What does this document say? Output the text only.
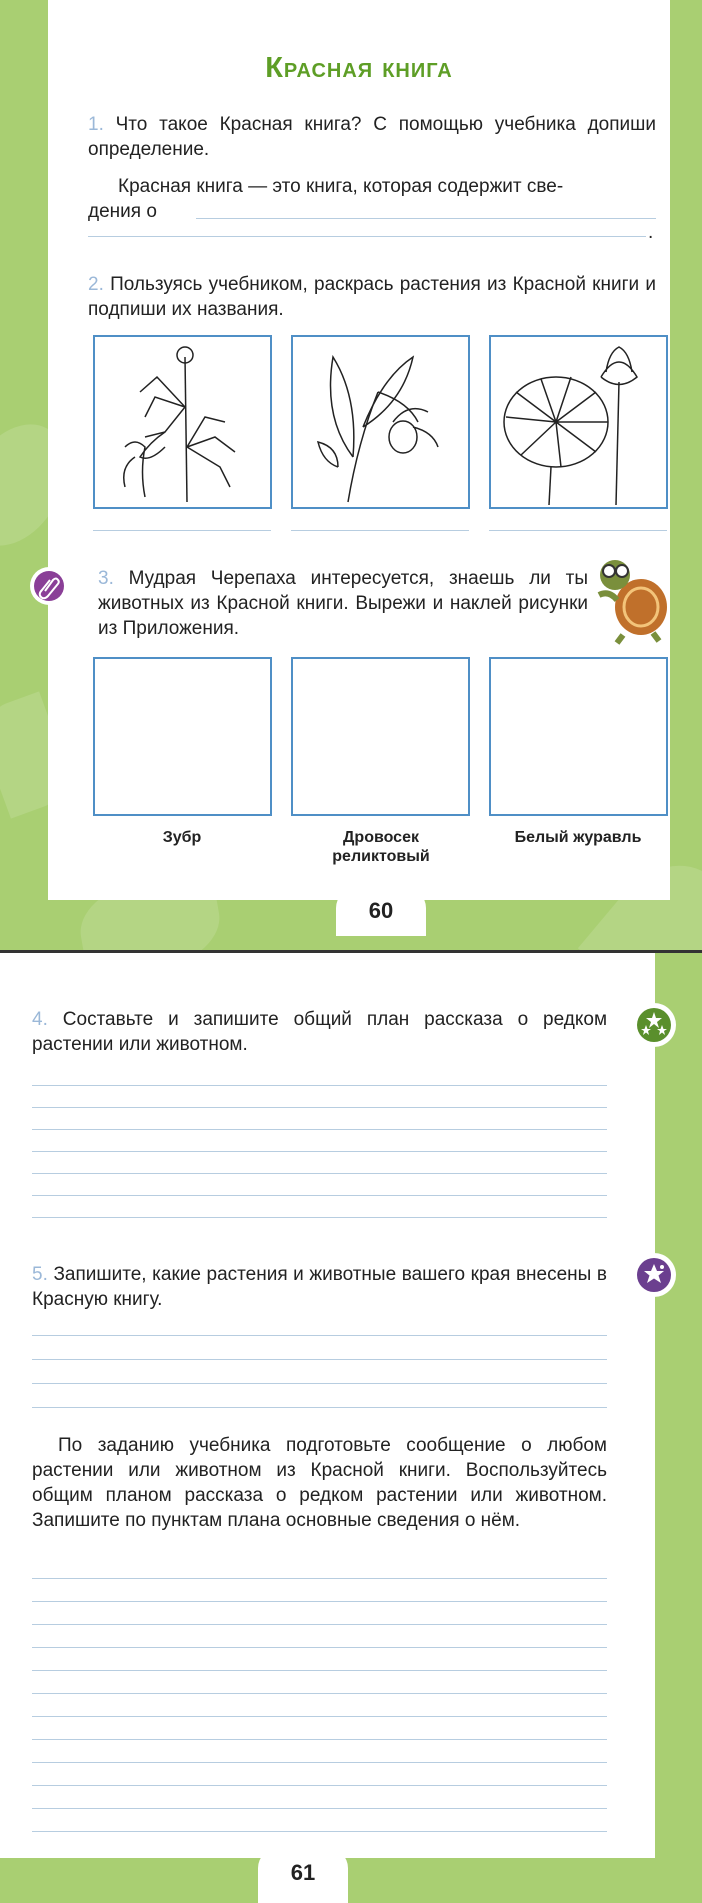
Красная книга
1. Что такое Красная книга? С помощью учебника допиши определение.
Красная книга — это книга, которая содержит све-
дения о
.
2. Пользуясь учебником, раскрась растения из Красной книги и подпиши их названия.
3. Мудрая Черепаха интересуется, знаешь ли ты животных из Красной книги. Вырежи и наклей рисунки из Приложения.
Зубр	Дровосек реликтовый
Белый журавль
60
4. Составьте и запишите общий план рассказа о редком растении или животном.
5. Запишите, какие растения и животные вашего края внесены в Красную книгу.
По заданию учебника подготовьте сообщение о любом растении или животном из Красной книги. Воспользуйтесь общим планом рассказа о редком растении или животном. Запишите по пунктам плана основные сведения о нём.
61
